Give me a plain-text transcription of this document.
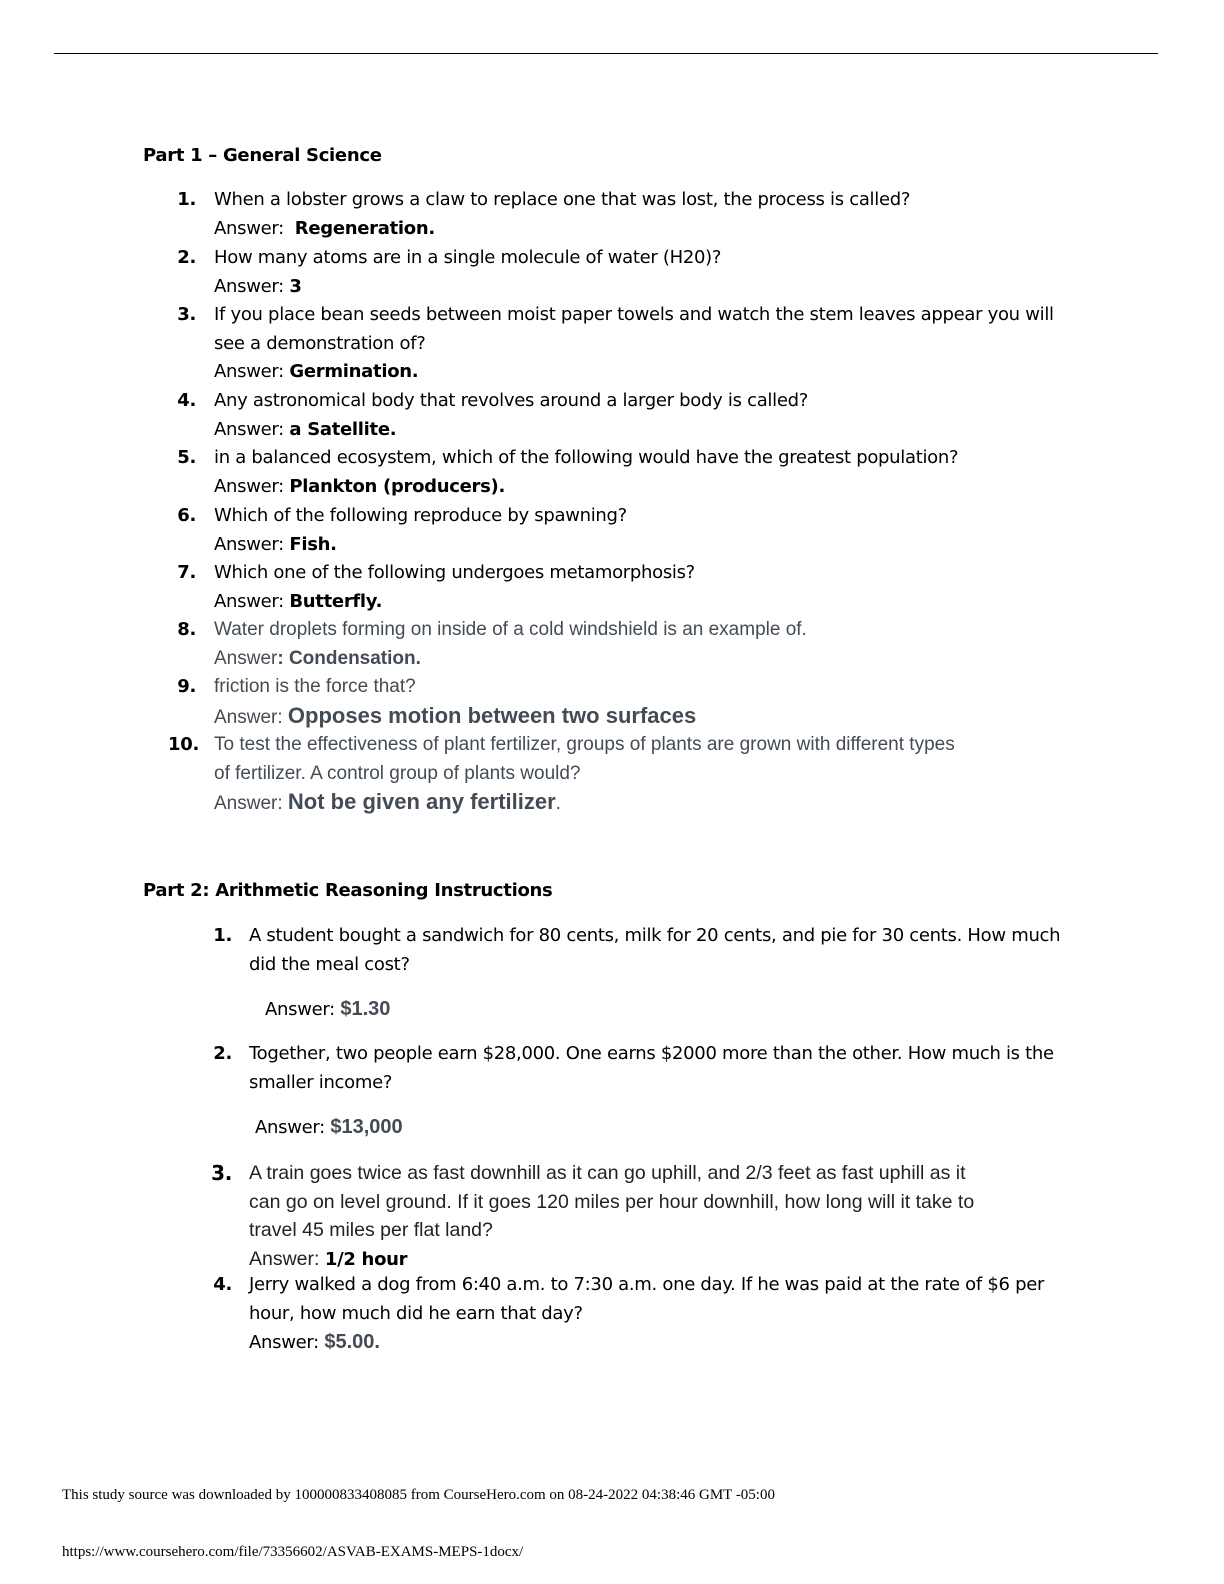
Part 1 – General Science
1. When a lobster grows a claw to replace one that was lost, the process is called?
Answer:  Regeneration.
2. How many atoms are in a single molecule of water (H20)?
Answer: 3
3. If you place bean seeds between moist paper towels and watch the stem leaves appear you will
see a demonstration of?
Answer: Germination.
4. Any astronomical body that revolves around a larger body is called?
Answer: a Satellite.
5. in a balanced ecosystem, which of the following would have the greatest population?
Answer: Plankton (producers).
6. Which of the following reproduce by spawning?
Answer: Fish.
7. Which one of the following undergoes metamorphosis?
Answer: Butterfly.
8. Water droplets forming on inside of a cold windshield is an example of.
Answer: Condensation.
9. friction is the force that?
Answer: Opposes motion between two surfaces
10. To test the effectiveness of plant fertilizer, groups of plants are grown with different types
of fertilizer. A control group of plants would?
Answer: Not be given any fertilizer.
Part 2: Arithmetic Reasoning Instructions
1. A student bought a sandwich for 80 cents, milk for 20 cents, and pie for 30 cents. How much
did the meal cost?
Answer: $1.30
2. Together, two people earn $28,000. One earns $2000 more than the other. How much is the
smaller income?
Answer: $13,000
3. A train goes twice as fast downhill as it can go uphill, and 2/3 feet as fast uphill as it
can go on level ground. If it goes 120 miles per hour downhill, how long will it take to
travel 45 miles per flat land?
Answer: 1/2 hour
4. Jerry walked a dog from 6:40 a.m. to 7:30 a.m. one day. If he was paid at the rate of $6 per
hour, how much did he earn that day?
Answer: $5.00.
This study source was downloaded by 100000833408085 from CourseHero.com on 08-24-2022 04:38:46 GMT -05:00
https://www.coursehero.com/file/73356602/ASVAB-EXAMS-MEPS-1docx/
